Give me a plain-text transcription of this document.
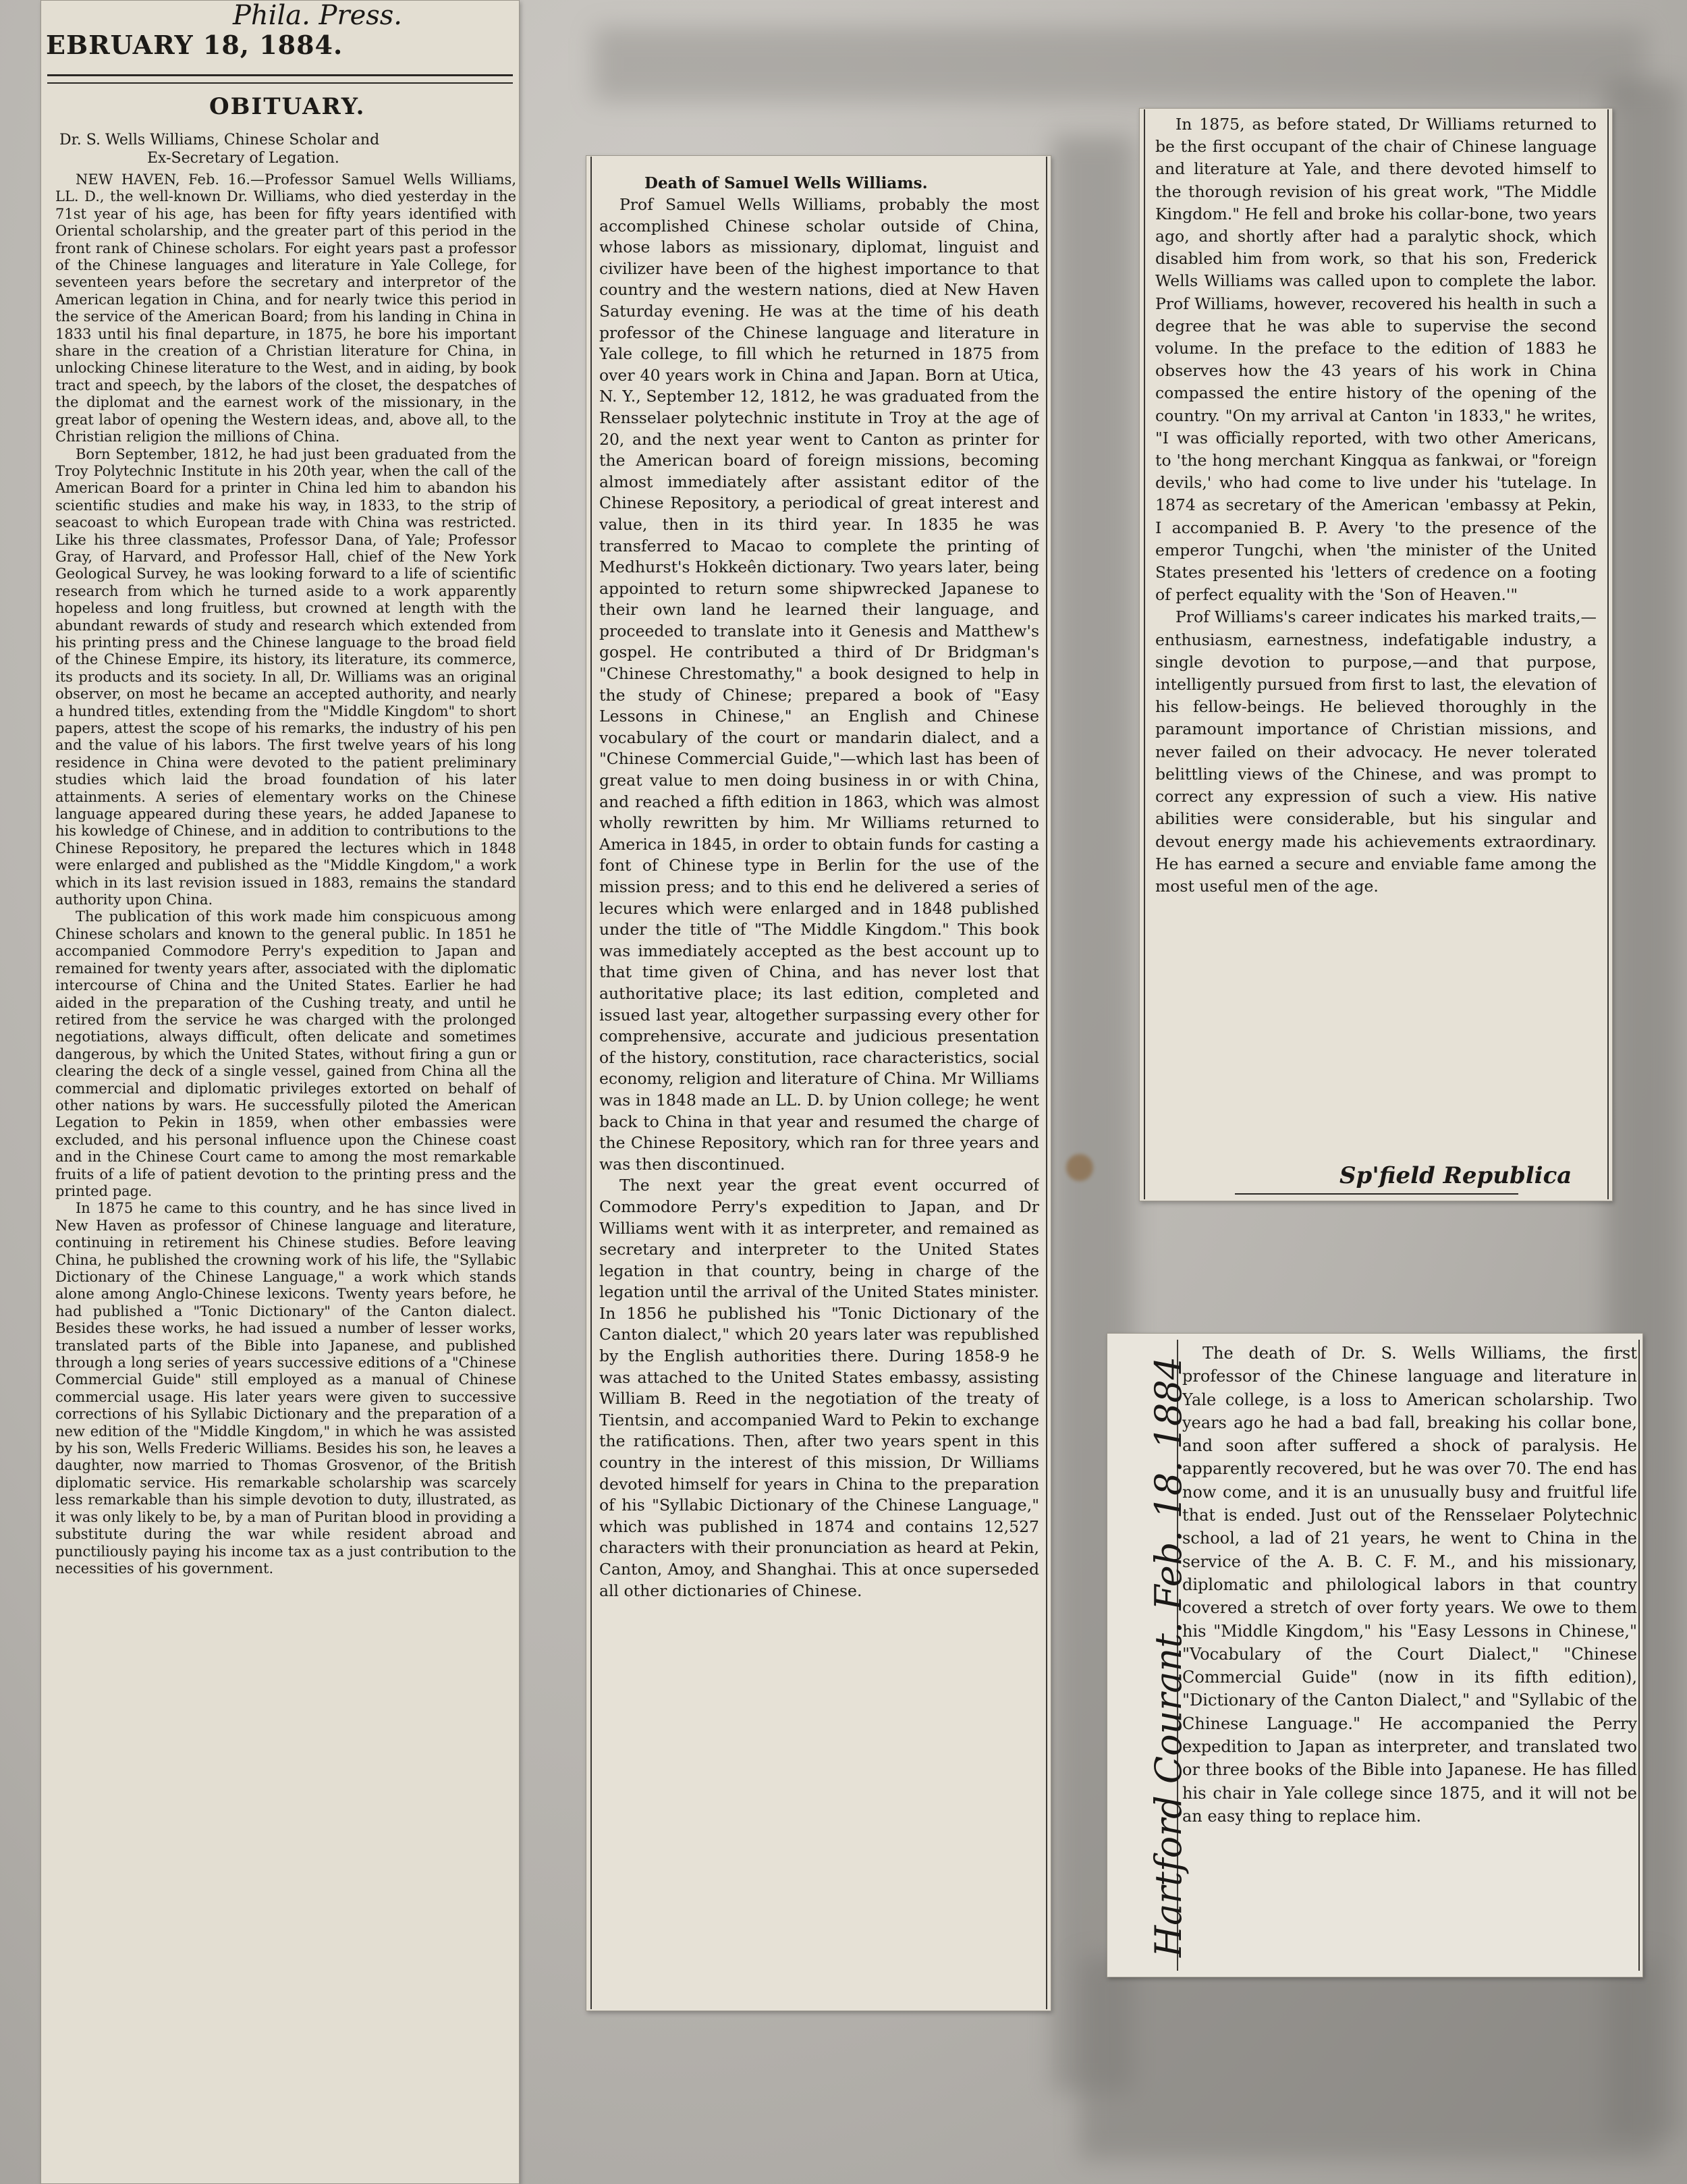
Phila. Press.
EBRUARY 18, 1884.
OBITUARY.
Dr. S. Wells Williams, Chinese Scholar and
Ex-Secretary of Legation.

NEW HAVEN, Feb. 16.—Professor Samuel Wells Williams, LL. D., the well-known Dr. Williams, who died yesterday in the 71st year of his age, has been for fifty years identified with Oriental scholarship, and the greater part of this period in the front rank of Chinese scholars. For eight years past a professor of the Chinese languages and literature in Yale College, for seventeen years before the secretary and interpretor of the American legation in China, and for nearly twice this period in the service of the American Board; from his landing in China in 1833 until his final departure, in 1875, he bore his important share in the creation of a Christian literature for China, in unlocking Chinese literature to the West, and in aiding, by book tract and speech, by the labors of the closet, the despatches of the diplomat and the earnest work of the missionary, in the great labor of opening the Western ideas, and, above all, to the Christian religion the millions of China.

Born September, 1812, he had just been graduated from the Troy Polytechnic Institute in his 20th year, when the call of the American Board for a printer in China led him to abandon his scientific studies and make his way, in 1833, to the strip of seacoast to which European trade with China was restricted. Like his three classmates, Professor Dana, of Yale; Professor Gray, of Harvard, and Professor Hall, chief of the New York Geological Survey, he was looking forward to a life of scientific research from which he turned aside to a work apparently hopeless and long fruitless, but crowned at length with the abundant rewards of study and research which extended from his printing press and the Chinese language to the broad field of the Chinese Empire, its history, its literature, its commerce, its products and its society. In all, Dr. Williams was an original observer, on most he became an accepted authority, and nearly a hundred titles, extending from the "Middle Kingdom" to short papers, attest the scope of his remarks, the industry of his pen and the value of his labors. The first twelve years of his long residence in China were devoted to the patient preliminary studies which laid the broad foundation of his later attainments. A series of elementary works on the Chinese language appeared during these years, he added Japanese to his kowledge of Chinese, and in addition to contributions to the Chinese Repository, he prepared the lectures which in 1848 were enlarged and published as the "Middle Kingdom," a work which in its last revision issued in 1883, remains the standard authority upon China.

The publication of this work made him conspicuous among Chinese scholars and known to the general public. In 1851 he accompanied Commodore Perry's expedition to Japan and remained for twenty years after, associated with the diplomatic intercourse of China and the United States. Earlier he had aided in the preparation of the Cushing treaty, and until he retired from the service he was charged with the prolonged negotiations, always difficult, often delicate and sometimes dangerous, by which the United States, without firing a gun or clearing the deck of a single vessel, gained from China all the commercial and diplomatic privileges extorted on behalf of other nations by wars. He successfully piloted the American Legation to Pekin in 1859, when other embassies were excluded, and his personal influence upon the Chinese coast and in the Chinese Court came to among the most remarkable fruits of a life of patient devotion to the printing press and the printed page.

In 1875 he came to this country, and he has since lived in New Haven as professor of Chinese language and literature, continuing in retirement his Chinese studies. Before leaving China, he published the crowning work of his life, the "Syllabic Dictionary of the Chinese Language," a work which stands alone among Anglo-Chinese lexicons. Twenty years before, he had published a "Tonic Dictionary" of the Canton dialect. Besides these works, he had issued a number of lesser works, translated parts of the Bible into Japanese, and published through a long series of years successive editions of a "Chinese Commercial Guide" still employed as a manual of Chinese commercial usage. His later years were given to successive corrections of his Syllabic Dictionary and the preparation of a new edition of the "Middle Kingdom," in which he was assisted by his son, Wells Frederic Williams. Besides his son, he leaves a daughter, now married to Thomas Grosvenor, of the British diplomatic service. His remarkable scholarship was scarcely less remarkable than his simple devotion to duty, illustrated, as it was only likely to be, by a man of Puritan blood in providing a substitute during the war while resident abroad and punctiliously paying his income tax as a just contribution to the necessities of his government.

Death of Samuel Wells Williams.

Prof Samuel Wells Williams, probably the most accomplished Chinese scholar outside of China, whose labors as missionary, diplomat, linguist and civilizer have been of the highest importance to that country and the western nations, died at New Haven Saturday evening. He was at the time of his death professor of the Chinese language and literature in Yale college, to fill which he returned in 1875 from over 40 years work in China and Japan. Born at Utica, N. Y., September 12, 1812, he was graduated from the Rensselaer polytechnic institute in Troy at the age of 20, and the next year went to Canton as printer for the American board of foreign missions, becoming almost immediately after assistant editor of the Chinese Repository, a periodical of great interest and value, then in its third year. In 1835 he was transferred to Macao to complete the printing of Medhurst's Hokkeên dictionary. Two years later, being appointed to return some shipwrecked Japanese to their own land he learned their language, and proceeded to translate into it Genesis and Matthew's gospel. He contributed a third of Dr Bridgman's "Chinese Chrestomathy," a book designed to help in the study of Chinese; prepared a book of "Easy Lessons in Chinese," an English and Chinese vocabulary of the court or mandarin dialect, and a "Chinese Commercial Guide,"—which last has been of great value to men doing business in or with China, and reached a fifth edition in 1863, which was almost wholly rewritten by him. Mr Williams returned to America in 1845, in order to obtain funds for casting a font of Chinese type in Berlin for the use of the mission press; and to this end he delivered a series of lecures which were enlarged and in 1848 published under the title of "The Middle Kingdom." This book was immediately accepted as the best account up to that time given of China, and has never lost that authoritative place; its last edition, completed and issued last year, altogether surpassing every other for comprehensive, accurate and judicious presentation of the history, constitution, race characteristics, social economy, religion and literature of China. Mr Williams was in 1848 made an LL. D. by Union college; he went back to China in that year and resumed the charge of the Chinese Repository, which ran for three years and was then discontinued.

The next year the great event occurred of Commodore Perry's expedition to Japan, and Dr Williams went with it as interpreter, and remained as secretary and interpreter to the United States legation in that country, being in charge of the legation until the arrival of the United States minister. In 1856 he published his "Tonic Dictionary of the Canton dialect," which 20 years later was republished by the English authorities there. During 1858-9 he was attached to the United States embassy, assisting William B. Reed in the negotiation of the treaty of Tientsin, and accompanied Ward to Pekin to exchange the ratifications. Then, after two years spent in this country in the interest of this mission, Dr Williams devoted himself for years in China to the preparation of his "Syllabic Dictionary of the Chinese Language," which was published in 1874 and contains 12,527 characters with their pronunciation as heard at Pekin, Canton, Amoy, and Shanghai. This at once superseded all other dictionaries of Chinese.

In 1875, as before stated, Dr Williams returned to be the first occupant of the chair of Chinese language and literature at Yale, and there devoted himself to the thorough revision of his great work, "The Middle Kingdom." He fell and broke his collar-bone, two years ago, and shortly after had a paralytic shock, which disabled him from work, so that his son, Frederick Wells Williams was called upon to complete the labor. Prof Williams, however, recovered his health in such a degree that he was able to supervise the second volume. In the preface to the edition of 1883 he observes how the 43 years of his work in China compassed the entire history of the opening of the country. "On my arrival at Canton 'in 1833," he writes, "I was officially reported, with two other Americans, to 'the hong merchant Kingqua as fankwai, or "foreign devils,' who had come to live under his 'tutelage. In 1874 as secretary of the American 'embassy at Pekin, I accompanied B. P. Avery 'to the presence of the emperor Tungchi, when 'the minister of the United States presented his 'letters of credence on a footing of perfect equality with the 'Son of Heaven.'"

Prof Williams's career indicates his marked traits,—enthusiasm, earnestness, indefatigable industry, a single devotion to purpose,—and that purpose, intelligently pursued from first to last, the elevation of his fellow-beings. He believed thoroughly in the paramount importance of Christian missions, and never failed on their advocacy. He never tolerated belittling views of the Chinese, and was prompt to correct any expression of such a view. His native abilities were considerable, but his singular and devout energy made his achievements extraordinary. He has earned a secure and enviable fame among the most useful men of the age.

Sp'field Republica
Hartford Courant. Feb. 18. 1884

The death of Dr. S. Wells Williams, the first professor of the Chinese language and literature in Yale college, is a loss to American scholarship. Two years ago he had a bad fall, breaking his collar bone, and soon after suffered a shock of paralysis. He apparently recovered, but he was over 70. The end has now come, and it is an unusually busy and fruitful life that is ended. Just out of the Rensselaer Polytechnic school, a lad of 21 years, he went to China in the service of the A. B. C. F. M., and his missionary, diplomatic and philological labors in that country covered a stretch of over forty years. We owe to them his "Middle Kingdom," his "Easy Lessons in Chinese," "Vocabulary of the Court Dialect," "Chinese Commercial Guide" (now in its fifth edition), "Dictionary of the Canton Dialect," and "Syllabic of the Chinese Language." He accompanied the Perry expedition to Japan as interpreter, and translated two or three books of the Bible into Japanese. He has filled his chair in Yale college since 1875, and it will not be an easy thing to replace him.
